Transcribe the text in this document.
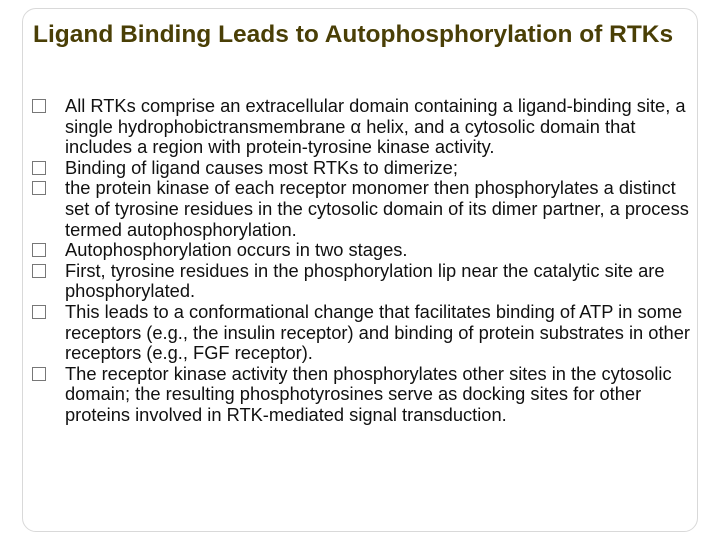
Ligand Binding Leads to Autophosphorylation of RTKs
All RTKs comprise an extracellular domain containing a ligand-binding site, a single hydrophobictransmembrane α helix, and a cytosolic domain that includes a region with protein-tyrosine kinase activity.
Binding of ligand causes most RTKs to dimerize;
the protein kinase of each receptor monomer then phosphorylates a distinct set of tyrosine residues in the cytosolic domain of its dimer partner, a process termed autophosphorylation.
Autophosphorylation occurs in two stages.
First, tyrosine residues in the phosphorylation lip near the catalytic site are phosphorylated.
This leads to a conformational change that facilitates binding of ATP in some receptors (e.g., the insulin receptor) and binding of protein substrates in other receptors (e.g., FGF receptor).
The receptor kinase activity then phosphorylates other sites in the cytosolic domain; the resulting phosphotyrosines serve as docking sites for other proteins involved in RTK-mediated signal transduction.
